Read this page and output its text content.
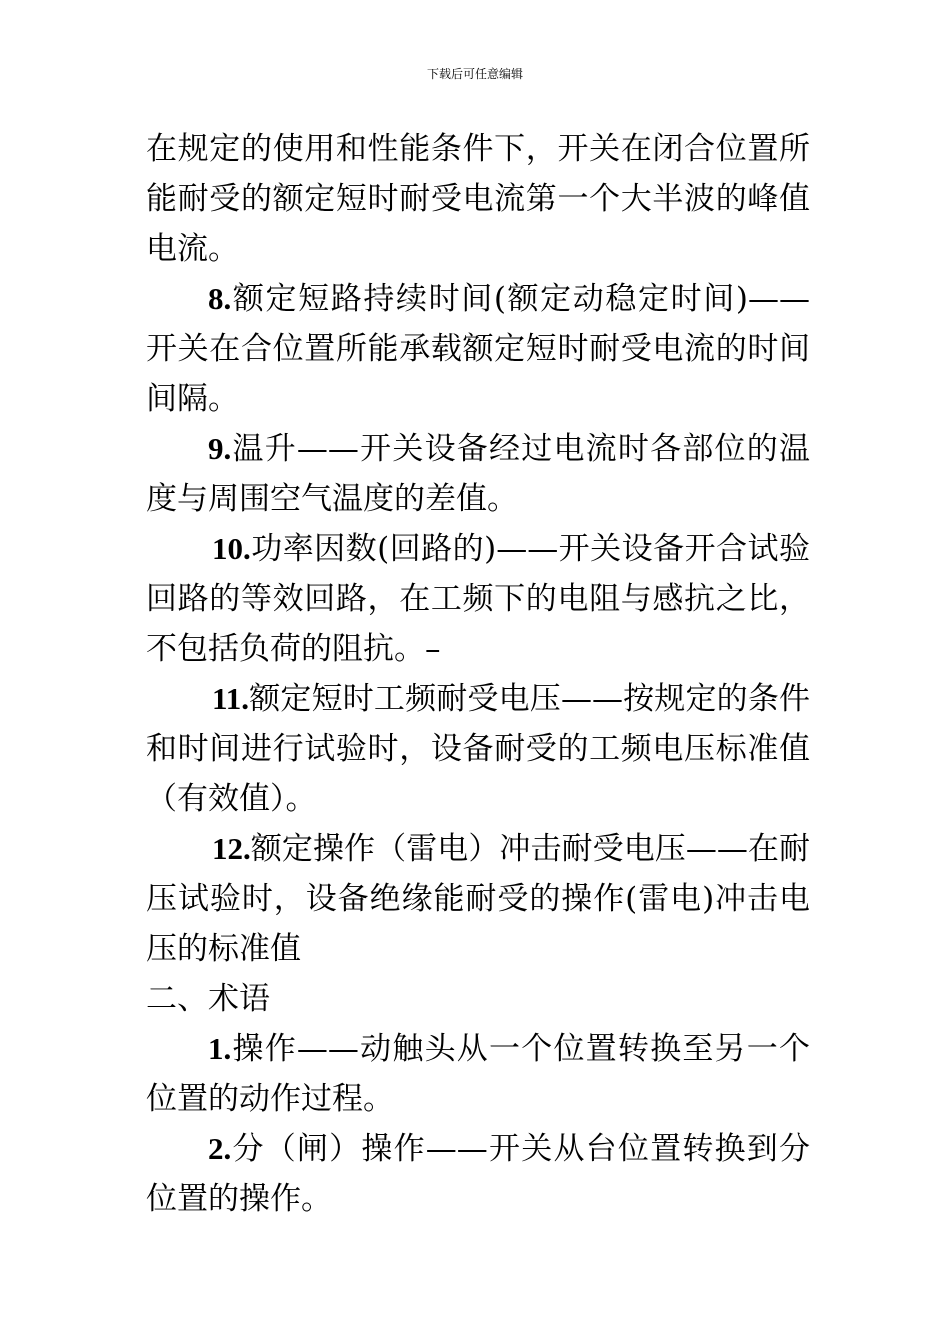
下载后可任意编辑

在规定的使用和性能条件下，开关在闭合位置所能耐受的额定短时耐受电流第一个大半波的峰值电流。

8.额定短路持续时间(额定动稳定时间)——开关在合位置所能承载额定短时耐受电流的时间间隔。

9.温升——开关设备经过电流时各部位的温度与周围空气温度的差值。

10.功率因数(回路的)——开关设备开合试验回路的等效回路，在工频下的电阻与感抗之比，不包括负荷的阻抗。–

11.额定短时工频耐受电压——按规定的条件和时间进行试验时，设备耐受的工频电压标准值（有效值）。

12.额定操作（雷电）冲击耐受电压——在耐压试验时，设备绝缘能耐受的操作(雷电)冲击电压的标准值

二、术语

1.操作——动触头从一个位置转换至另一个位置的动作过程。

2.分（闸）操作——开关从台位置转换到分位置的操作。
